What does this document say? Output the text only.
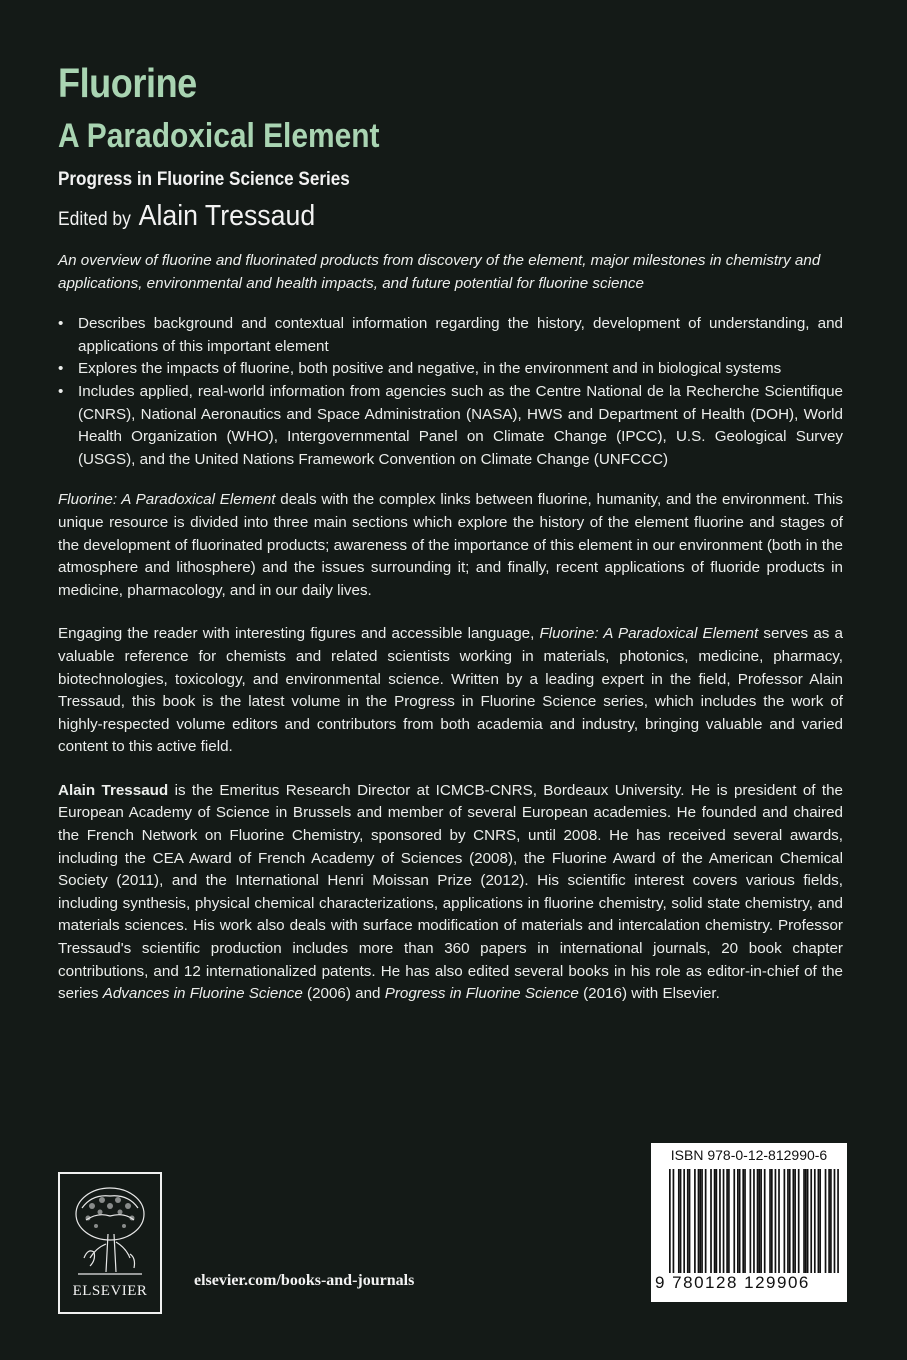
Fluorine
A Paradoxical Element
Progress in Fluorine Science Series
Edited by Alain Tressaud

An overview of fluorine and fluorinated products from discovery of the element, major milestones in chemistry and applications, environmental and health impacts, and future potential for fluorine science

• Describes background and contextual information regarding the history, development of understanding, and applications of this important element
• Explores the impacts of fluorine, both positive and negative, in the environment and in biological systems
• Includes applied, real-world information from agencies such as the Centre National de la Recherche Scientifique (CNRS), National Aeronautics and Space Administration (NASA), HWS and Department of Health (DOH), World Health Organization (WHO), Intergovernmental Panel on Climate Change (IPCC), U.S. Geological Survey (USGS), and the United Nations Framework Convention on Climate Change (UNFCCC)

Fluorine: A Paradoxical Element deals with the complex links between fluorine, humanity, and the environment. This unique resource is divided into three main sections which explore the history of the element fluorine and stages of the development of fluorinated products; awareness of the importance of this element in our environment (both in the atmosphere and lithosphere) and the issues surrounding it; and finally, recent applications of fluoride products in medicine, pharmacology, and in our daily lives.

Engaging the reader with interesting figures and accessible language, Fluorine: A Paradoxical Element serves as a valuable reference for chemists and related scientists working in materials, photonics, medicine, pharmacy, biotechnologies, toxicology, and environmental science. Written by a leading expert in the field, Professor Alain Tressaud, this book is the latest volume in the Progress in Fluorine Science series, which includes the work of highly-respected volume editors and contributors from both academia and industry, bringing valuable and varied content to this active field.

Alain Tressaud is the Emeritus Research Director at ICMCB-CNRS, Bordeaux University. He is president of the European Academy of Science in Brussels and member of several European academies. He founded and chaired the French Network on Fluorine Chemistry, sponsored by CNRS, until 2008. He has received several awards, including the CEA Award of French Academy of Sciences (2008), the Fluorine Award of the American Chemical Society (2011), and the International Henri Moissan Prize (2012). His scientific interest covers various fields, including synthesis, physical chemical characterizations, applications in fluorine chemistry, solid state chemistry, and materials sciences. His work also deals with surface modification of materials and intercalation chemistry. Professor Tressaud's scientific production includes more than 360 papers in international journals, 20 book chapter contributions, and 12 internationalized patents. He has also edited several books in his role as editor-in-chief of the series Advances in Fluorine Science (2006) and Progress in Fluorine Science (2016) with Elsevier.

ELSEVIER
elsevier.com/books-and-journals
ISBN 978-0-12-812990-6
9 780128 129906
